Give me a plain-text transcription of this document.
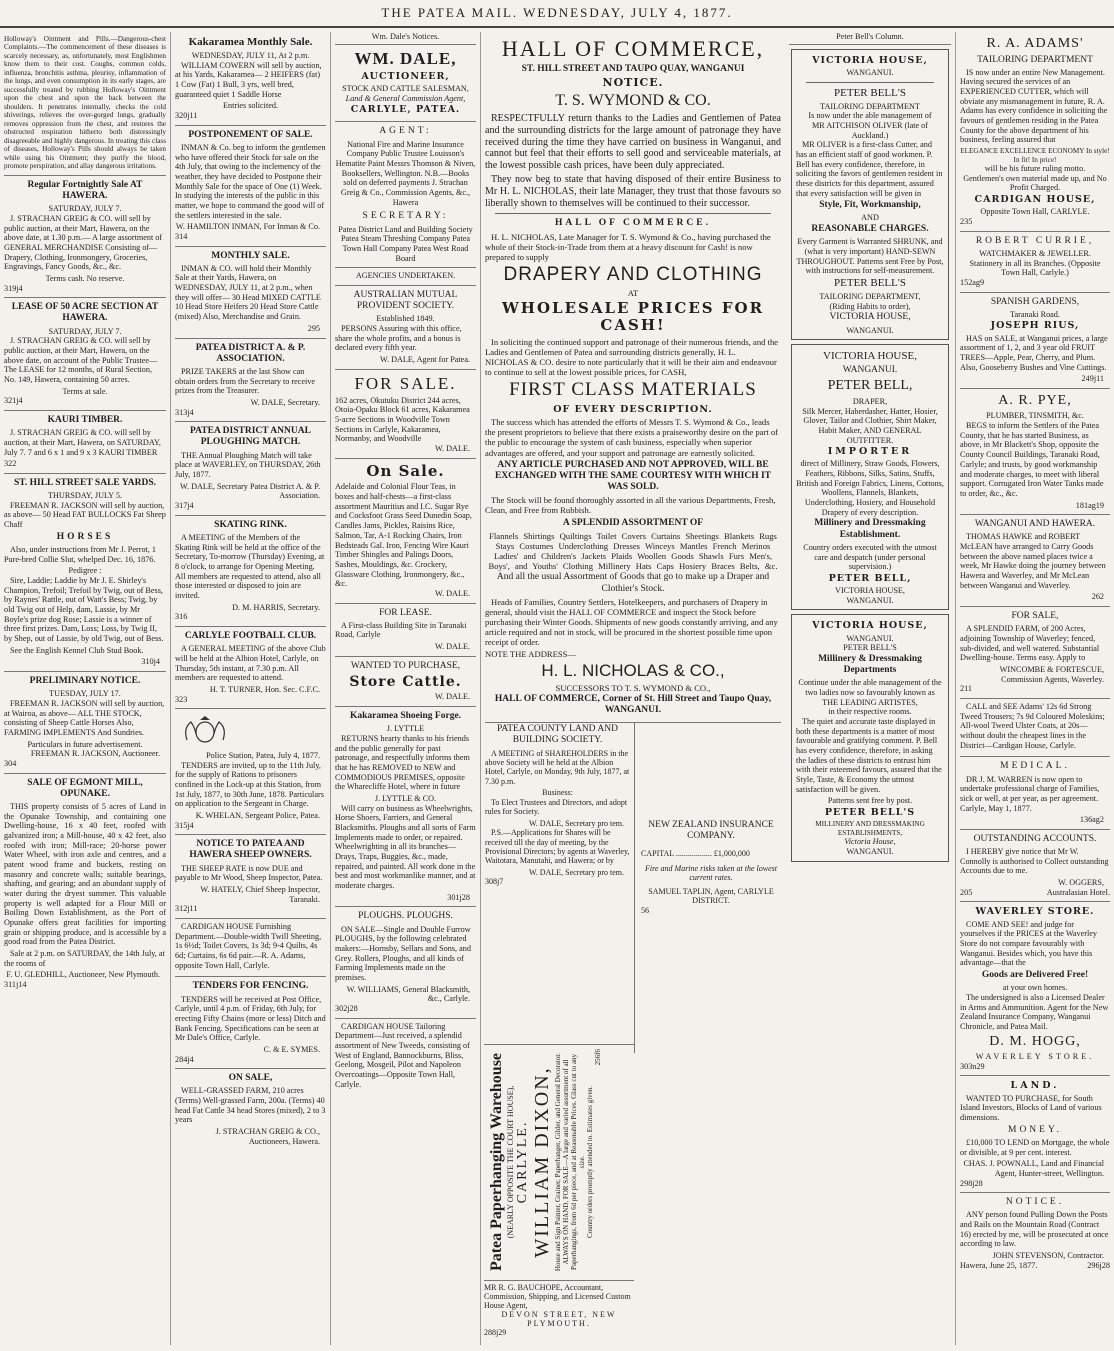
THE PATEA MAIL. WEDNESDAY, JULY 4, 1877.
Holloway's Ointment and Pills.—Dangerous-chest Complaints.—The commencement of these diseases is scarcely necessary, as, unfortunately, most Englishmen know them to their cost. Coughs, common colds, influenza, bronchitis asthma, pleurisy, inflammation of the lungs, and even consumption in its early stages, are successfully treated by rubbing Holloway's Ointment upon the chest and upon the back between the shoulders. It penetrates internally, checks the cold shiverings, relieves the over-gorged lungs, gradually removes oppression from the chest, and restores the obstructed respiration hitherto both distressingly disagreeable and highly dangerous. In treating this class of diseases, Holloway's Pills should always be taken while using his Ointment; they purify the blood, promote perspiration, and allay dangerous irritations.
Regular Fortnightly Sale AT HAWERA.
SATURDAY, JULY 7.

J. STRACHAN GREIG & CO. will sell by public auction, at their Mart, Hawera, on the above date, at 1.30 p.m.— A large assortment of GENERAL MERCHANDISE Consisting of—Drapery, Clothing, Ironmongery, Groceries, Engravings, Fancy Goods, &c., &c.

Terms cash. No reserve.
319j4
LEASE OF 50 ACRE SECTION AT HAWERA.
SATURDAY, JULY 7.

J. STRACHAN GREIG & CO. will sell by public auction, at their Mart, Hawera, on the above date, on account of the Public Trustee— The LEASE for 12 months, of Rural Section, No. 149, Hawera, containing 50 acres.

Terms at sale.
321j4
KAURI TIMBER.

J. STRACHAN GREIG & CO. will sell by auction, at their Mart, Hawera, on SATURDAY, July 7. 7 and 6 x 1 and 9 x 3 KAURI TIMBER

322
ST. HILL STREET SALE YARDS.
THURSDAY, JULY 5.

FREEMAN R. JACKSON will sell by auction, as above— 50 Head FAT BULLOCKS Fat Sheep Chaff

HORSES

Also, under instructions from Mr J. Perrot, 1 Pure-bred Collie Slut, whelped Dec. 16, 1876.

Pedigree :

Sire, Laddie; Laddie by Mr J. E. Shirley's Champion, Trefoil; Trefoil by Twig, out of Bess, by Raynes' Rattle, out of Watt's Bess; Twig, by old Twig out of Help, dam, Lassie, by Mr Boyle's prize dog Rose; Lassie is a winner of three first prizes. Dam, Loss; Loss, by Twig II, by Shep, out of Lassie, by old Twig, out of Bess.

See the English Kennel Club Stud Book.

310j4
PRELIMINARY NOTICE.
TUESDAY, JULY 17.

FREEMAN R. JACKSON will sell by auction, at Wairoa, as above— ALL THE STOCK, consisting of Sheep Cattle Horses Also, FARMING IMPLEMENTS And Sundries.

Particulars in future advertisement.
FREEMAN R. JACKSON, Auctioneer.
304
SALE OF EGMONT MILL, OPUNAKE.

THIS property consists of 5 acres of Land in the Opunake Township, and containing one Dwelling-house, 16 x 40 feet, roofed with galvanized iron; a Mill-house, 40 x 42 feet, also roofed with iron; Mill-race; 20-horse power Water Wheel, with iron axle and centres, and a patent wood frame and buckets, resting on masonry and concrete walls; suitable bearings, shafting, and gearing; and an abundant supply of water during the dryest summer. This valuable property is well adapted for a Flour Mill or Boiling Down Establishment, as the Port of Opunake offers great facilities for importing grain or shipping produce, and is accessible by a good road from the Patea District.

Sale at 2 p.m. on SATURDAY, the 14th July, at the rooms of

F. U. GLEDHILL, Auctioneer, New Plymouth.
311j14
Kakaramea Monthly Sale.
WEDNESDAY, JULY 11, At 2 p.m.

WILLIAM COWERN will sell by auction, at his Yards, Kakaramea— 2 HEIFERS (fat) 1 Cow (Fat) 1 Bull, 3 yrs, well bred, guaranteed quiet 1 Saddle Horse

Entries solicited.
320j11
POSTPONEMENT OF SALE.

INMAN & Co. beg to inform the gentlemen who have offered their Stock for sale on the 4th July, that owing to the inclemency of the weather, they have decided to Postpone their Monthly Sale for the space of One (1) Week. In studying the interests of the public in this matter, we hope to command the good will of the settlers interested in the sale.

W. HAMILTON INMAN, For Inman & Co.
314
MONTHLY SALE.

INMAN & CO. will hold their Monthly Sale at their Yards, Hawera, on WEDNESDAY, JULY 11, at 2 p.m., when they will offer— 30 Head MIXED CATTLE 10 Head Store Heifers 20 Head Store Cattle (mixed) Also, Merchandise and Grain.

295
PATEA DISTRICT A. & P. ASSOCIATION.

PRIZE TAKERS at the last Show can obtain orders from the Secretary to receive prizes from the Treasurer.

W. DALE, Secretary.
313j4
PATEA DISTRICT ANNUAL PLOUGHING MATCH.

THE Annual Ploughing Match will take place at WAVERLEY, on THURSDAY, 26th July, 1877.

W. DALE, Secretary Patea District A. & P. Association.
317j4
SKATING RINK.

A MEETING of the Members of the Skating Rink will be held at the office of the Secretary, To-morrow (Thursday) Evening, at 8 o'clock, to arrange for Opening Meeting. All members are requested to attend, also all those interested or disposed to join are invited.

D. M. HARRIS, Secretary.
316
CARLYLE FOOTBALL CLUB.

A GENERAL MEETING of the above Club will be held at the Albion Hotel, Carlyle, on Thursday, 5th instant, at 7.30 p.m. All members are requested to attend.

H. T. TURNER, Hon. Sec. C.F.C.
323
Police Station, Patea, July 4, 1877.

TENDERS are invited, up to the 11th July, for the supply of Rations to prisoners confined in the Lock-up at this Station, from 1st July, 1877, to 30th June, 1878. Particulars on application to the Sergeant in Charge.

K. WHELAN, Sergeant Police, Patea.
315j4
NOTICE TO PATEA AND HAWERA SHEEP OWNERS.

THE SHEEP RATE is now DUE and payable to Mr Wood, Sheep Inspector, Patea.

W. HATELY, Chief Sheep Inspector, Taranaki.
312j11

CARDIGAN HOUSE Furnishing Department.—Double-width Twill Sheeting, 1s 6½d; Toilet Covers, 1s 3d; 9-4 Quilts, 4s 6d; Curtains, 6s 6d pair.—R. A. Adams, opposite Town Hall, Carlyle.

TENDERS FOR FENCING.

TENDERS will be received at Post Office, Carlyle, until 4 p.m. of Friday, 6th July, for erecting Fifty Chains (more or less) Ditch and Bank Fencing. Specifications can be seen at Mr Dale's Office, Carlyle.

C. & E. SYMES.
284j4
ON SALE,

WELL-GRASSED FARM, 210 acres (Terms) Well-grassed Farm, 200a. (Terms) 40 head Fat Cattle 34 head Stores (mixed), 2 to 3 years

J. STRACHAN GREIG & CO., Auctioneers, Hawera.
Wm. Dale's Notices.
WM. DALE,
AUCTIONEER,
STOCK AND CATTLE SALESMAN,
Land & General Commission Agent,
CARLYLE, PATEA.
AGENT:
National Fire and Marine Insurance Company Public Trustee Louisson's Hematite Paint Messrs Thomson & Niven, Booksellers, Wellington. N.B.—Books sold on deferred payments J. Strachan Greig & Co., Commission Agents, &c., Hawera
SECRETARY:
Patea District Land and Building Society Patea Steam Threshing Company Patea Town Hall Company Patea West Road Board
AGENCIES UNDERTAKEN.
AUSTRALIAN MUTUAL PROVIDENT SOCIETY.
Established 1849.

PERSONS Assuring with this office, share the whole profits, and a bonus is declared every fifth year.

W. DALE, Agent for Patea.
FOR SALE.
162 acres, Okutuku District 244 acres, Otoia-Opaku Block 61 acres, Kakaramea 5-acre Sections in Woodville Town Sections in Carlyle, Kakaramea, Normanby, and Woodville
W. DALE.
On Sale.
Adelaide and Colonial Flour Teas, in boxes and half-chests—a first-class assortment Mauritius and I.C. Sugar Rye and Cocksfoot Grass Seed Dunedin Soap, Candles Jams, Pickles, Raisins Rice, Salmon, Tar, A-1 Rocking Chairs, Iron Bedsteads Gal. Iron, Fencing Wire Kauri Timber Shingles and Palings Doors, Sashes, Mouldings, &c. Crockery, Glassware Clothing, Ironmongery, &c., &c.
W. DALE.
FOR LEASE.

A First-class Building Site in Taranaki Road, Carlyle

W. DALE.
WANTED TO PURCHASE,
Store Cattle.
W. DALE.
Kakaramea Shoeing Forge.
J. LYTTLE

RETURNS hearty thanks to his friends and the public generally for past patronage, and respectfully informs them that he has REMOVED to NEW and COMMODIOUS PREMISES, opposite the Wharecliffe Hotel, where in future

J. LYTTLE & CO.

Will carry on business as Wheelwrights, Horse Shoers, Farriers, and General Blacksmiths. Ploughs and all sorts of Farm Implements made to order, or repaired. Wheelwrighting in all its branches—Drays, Traps, Buggies, &c., made, repaired, and painted. All work done in the best and most workmanlike manner, and at moderate charges.

301j28
PLOUGHS. PLOUGHS.

ON SALE—Single and Double Furrow PLOUGHS, by the following celebrated makers:—Hornsby, Sellars and Sons, and Grey. Rollers, Ploughs, and all kinds of Farming Implements made on the premises.

W. WILLIAMS, General Blacksmith, &c., Carlyle.
302j28

CARDIGAN HOUSE Tailoring Department—Just received, a splendid assortment of New Tweeds, consisting of West of England, Bannockburns, Bliss, Geelong, Mosgeil, Pilot and Napoleon Overcoatings—Opposite Town Hall, Carlyle.

HALL OF COMMERCE,
ST. HILL STREET AND TAUPO QUAY, WANGANUI
NOTICE.
T. S. WYMOND & CO.

RESPECTFULLY return thanks to the Ladies and Gentlemen of Patea and the surrounding districts for the large amount of patronage they have received during the time they have carried on business in Wanganui, and cannot but feel that their efforts to sell good and serviceable materials, at the lowest possible cash prices, have been duly appreciated.

They now beg to state that having disposed of their entire Business to Mr H. L. NICHOLAS, their late Manager, they trust that those favours so liberally shown to themselves will be continued to their successor.

HALL OF COMMERCE.

H. L. NICHOLAS, Late Manager for T. S. Wymond & Co., having purchased the whole of their Stock-in-Trade from them at a heavy discount for Cash! is now prepared to supply

DRAPERY AND CLOTHING
AT
WHOLESALE PRICES FOR CASH!

In soliciting the continued support and patronage of their numerous friends, and the Ladies and Gentlemen of Patea and surrounding districts generally, H. L. NICHOLAS & CO. desire to note particularly that it will be their aim and endeavour to continue to sell at the lowest possible prices, for CASH,

FIRST CLASS MATERIALS
OF EVERY DESCRIPTION.

The success which has attended the efforts of Messrs T. S. Wymond & Co., leads the present proprietors to believe that there exists a praiseworthy desire on the part of the public to encourage the system of cash business, especially when superior advantages are offered, and your support and patronage are earnestly solicited.

ANY ARTICLE PURCHASED AND NOT APPROVED, WILL BE EXCHANGED WITH THE SAME COURTESY WITH WHICH IT WAS SOLD.

The Stock will be found thoroughly assorted in all the various Departments, Fresh, Clean, and Free from Rubbish.

A SPLENDID ASSORTMENT OF
Flannels Shirtings Quiltings Toilet Covers Curtains Sheetings Blankets Rugs Stays Costumes Underclothing Dresses Winceys Mantles French Merinos Ladies' and Children's Jackets Plaids Woollen Goods Shawls Furs Men's, Boys', and Youths' Clothing Millinery Hats Caps Hosiery Braces Belts, &c.
And all the usual Assortment of Goods that go to make up a Draper and Clothier's Stock.

Heads of Families, Country Settlers, Hotelkeepers, and purchasers of Drapery in general, should visit the HALL OF COMMERCE and inspect the Stock before purchasing their Winter Goods. Shipments of new goods constantly arriving, and any article required and not in stock, will be procured in the shortest possible time upon receipt of order.

NOTE THE ADDRESS—
H. L. NICHOLAS & CO.,
SUCCESSORS TO T. S. WYMOND & CO.,
HALL OF COMMERCE, Corner of St. Hill Street and Taupo Quay, WANGANUI.
PATEA COUNTY LAND AND BUILDING SOCIETY.

A MEETING of SHAREHOLDERS in the above Society will be held at the Albion Hotel, Carlyle, on Monday, 9th July, 1877, at 7.30 p.m.

Business:

To Elect Trustees and Directors, and adopt rules for Society.

W. DALE, Secretary pro tem.

P.S.—Applications for Shares will be received till the day of meeting, by the Provisional Directors; by agents at Waverley, Waitotara, Manutahi, and Hawera; or by

W. DALE, Secretary pro tem.
308j7
NEW ZEALAND INSURANCE COMPANY.
CAPITAL .................. £1,000,000
Fire and Marine risks taken at the lowest current rates.
SAMUEL TAPLIN, Agent, CARLYLE DISTRICT.
56
Patea Paperhanging Warehouse (NEARLY OPPOSITE THE COURT HOUSE), CARLYLE. WILLIAM DIXON, House and Sign Painter, Grainer, Paperhanger, Gilder, and General Decorator. ALWAYS ON HAND, FOR SALE—A large and varied assortment of all Paperhangings, from 6d per piece, and at Reasonable Prices. Glass cut to any size. Country orders promptly attended to. Estimates given.
256f6
MR R. G. BAUCHOPE, Accountant, Commission, Shipping, and Licensed Custom House Agent,
DEVON STREET, NEW PLYMOUTH.
288j29
Peter Bell's Column.
VICTORIA HOUSE,
WANGANUI.
PETER BELL'S
TAILORING DEPARTMENT
Is now under the able management of
MR AITCHISON OLIVER (late of Auckland.)

MR OLIVER is a first-class Cutter, and has an efficient staff of good workmen. P. Bell has every confidence, therefore, in soliciting the favors of gentlemen resident in these districts for this department, assured that every satisfaction will be given in

Style, Fit, Workmanship,
AND
REASONABLE CHARGES.
Every Garment is Warranted SHRUNK, and (what is very important) HAND-SEWN THROUGHOUT. Patterns sent Free by Post, with instructions for self-measurement.
PETER BELL'S
TAILORING DEPARTMENT,
(Riding Habits to order),
VICTORIA HOUSE,
WANGANUI.
VICTORIA HOUSE,
WANGANUI.
PETER BELL,
DRAPER,
Silk Mercer, Haberdasher, Hatter, Hosier, Glover, Tailor and Clothier, Shirt Maker, Habit Maker, AND GENERAL OUTFITTER.
IMPORTER
direct of Millinery, Straw Goods, Flowers, Feathers, Ribbons, Silks, Satins, Stuffs, British and Foreign Fabrics, Linens, Cottons, Woollens, Flannels, Blankets, Underclothing, Hosiery, and Household Drapery of every description.
Millinery and Dressmaking Establishment.
Country orders executed with the utmost care and despatch (under personal supervision.)
PETER BELL,
VICTORIA HOUSE,
WANGANUI.
VICTORIA HOUSE,
WANGANUI.
PETER BELL'S
Millinery & Dressmaking Departments
Continue under the able management of the two ladies now so favourably known as
THE LEADING ARTISTES,
in their respective rooms.

The quiet and accurate taste displayed in both these departments is a matter of most favourable and gratifying comment. P. Bell has every confidence, therefore, in asking the ladies of these districts to entrust him with their esteemed favours, assured that the Style, Taste, & Economy the utmost satisfaction will be given.

Patterns sent free by post.
PETER BELL'S
MILLINERY AND DRESSMAKING ESTABLISHMENTS,
Victoria House,
WANGANUI.
R. A. ADAMS'
TAILORING DEPARTMENT

IS now under an entire New Management. Having secured the services of an EXPERIENCED CUTTER, which will obviate any mismanagement in future, R. A. Adams has every confidence in soliciting the favours of gentlemen residing in the Patea County for the above department of his business, feeling assured that

ELEGANCE EXCELLENCE ECONOMY In style! In fit! In price!
will be his future ruling motto.
Gentlemen's own material made up, and No Profit Charged.
CARDIGAN HOUSE,
Opposite Town Hall, CARLYLE.
235
ROBERT CURRIE,
WATCHMAKER & JEWELLER.
Stationery in all its Branches. (Opposite Town Hall, Carlyle.)
152ag9
SPANISH GARDENS,
Taranaki Road.
JOSEPH RIUS,

HAS on SALE, at Wanganui prices, a large assortment of 1, 2, and 3 year old FRUIT TREES—Apple, Pear, Cherry, and Plum. Also, Gooseberry Bushes and Vine Cuttings.

249j11
A. R. PYE,
PLUMBER, TINSMITH, &c.

BEGS to inform the Settlers of the Patea County, that he has started Business, as above, in Mr Blackett's Shop, opposite the County Council Buildings, Taranaki Road, Carlyle; and trusts, by good workmanship and moderate charges, to meet with liberal support. Corrugated Iron Water Tanks made to order, &c., &c.

181ag19
WANGANUI AND HAWERA.

THOMAS HAWKE and ROBERT McLEAN have arranged to Carry Goods between the above named places twice a week, Mr Hawke doing the journey between Hawera and Waverley, and Mr McLean between Wanganui and Waverley.

262
FOR SALE,

A SPLENDID FARM, of 200 Acres, adjoining Township of Waverley; fenced, sub-divided, and well watered. Substantial Dwelling-house. Terms easy. Apply to

WINCOMBE & FORTESCUE, Commission Agents, Waverley.
211

CALL and SEE Adams' 12s 6d Strong Tweed Trousers; 7s 9d Coloured Moleskins; All-wool Tweed Ulster Coats, at 20s—without doubt the cheapest lines in the District—Cardigan House, Carlyle.

MEDICAL.

DR J. M. WARREN is now open to undertake professional charge of Families, sick or well, at per year, as per agreement. Carlyle, May 1, 1877.

136ag2
OUTSTANDING ACCOUNTS.

I HEREBY give notice that Mr W. Connolly is authorised to Collect outstanding Accounts due to me.

W. OGGERS,
205	Australasian Hotel.
WAVERLEY STORE.

COME AND SEE! and judge for yourselves if the PRICES at the Waverley Store do not compare favourably with Wanganui. Besides which, you have this advantage—that the

Goods are Delivered Free!
at your own homes.

The undersigned is also a Licensed Dealer in Arms and Ammunition. Agent for the New Zealand Insurance Company, Wanganui Chronicle, and Patea Mail.

D. M. HOGG,
WAVERLEY STORE.
303n29
LAND.

WANTED TO PURCHASE, for South Island Investors, Blocks of Land of various dimensions.

MONEY.

£10,000 TO LEND on Mortgage, the whole or divisible, at 9 per cent. interest.

CHAS. J. POWNALL, Land and Financial Agent, Hunter-street, Wellington.
298j28
NOTICE.

ANY person found Pulling Down the Posts and Rails on the Mountain Road (Contract 16) erected by me, will be prosecuted at once according to law.

JOHN STEVENSON, Contractor.
Hawera, June 25, 1877.	296j28
